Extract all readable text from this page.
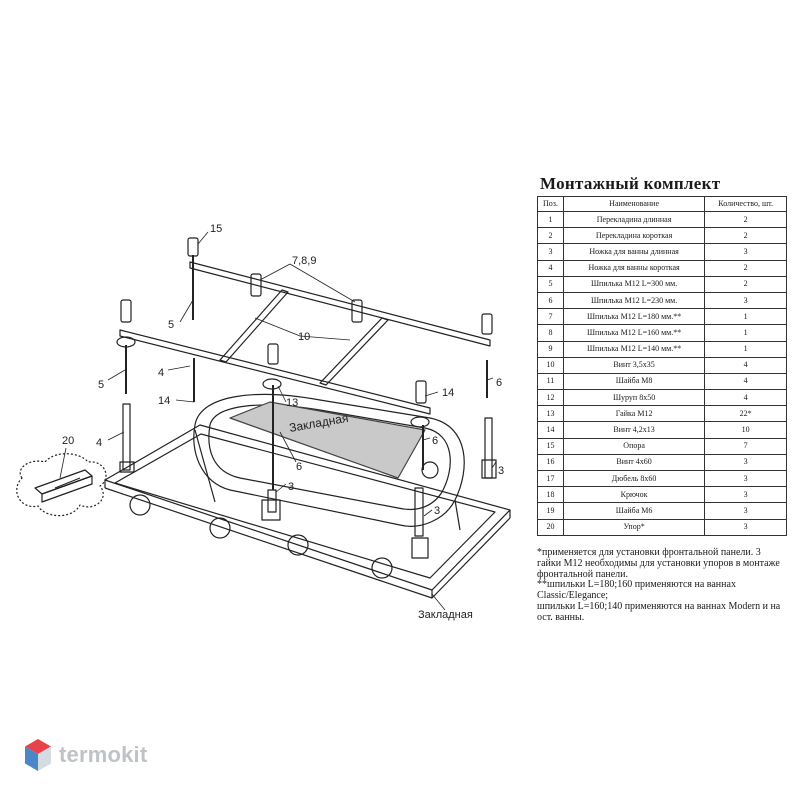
15
7,8,9
5
10
5
4
6
14	13
14
6
4
20
6
3
3
3
Закладная
Закладная
Монтажный комплект
Поз.	Наименование	Количество, шт.
1	Перекладина длинная	2
2	Перекладина короткая	2
3	Ножка для ванны длинная	3
4	Ножка для ванны короткая	2
5	Шпилька М12 L=300 мм.	2
6	Шпилька М12 L=230 мм.	3
7	Шпилька М12 L=180 мм.**	1
8	Шпилька М12 L=160 мм.**	1
9	Шпилька М12 L=140 мм.**	1
10	Винт 3,5х35	4
11	Шайба М8	4
12	Шуруп 8х50	4
13	Гайка М12	22*
14	Винт 4,2х13	10
15	Опора	7
16	Винт 4х60	3
17	Дюбель 8х60	3
18	Крючок	3
19	Шайба М6	3
20	Упор*	3

*применяется для установки фронтальной панели. 3 гайки М12 необходимы для установки упоров в монтаже фронтальной панели.

**шпильки L=180;160 применяются на ваннах Classic/Elegance;

шпильки L=160;140 применяются на ваннах Modern и на ост. ванны.

termokit
